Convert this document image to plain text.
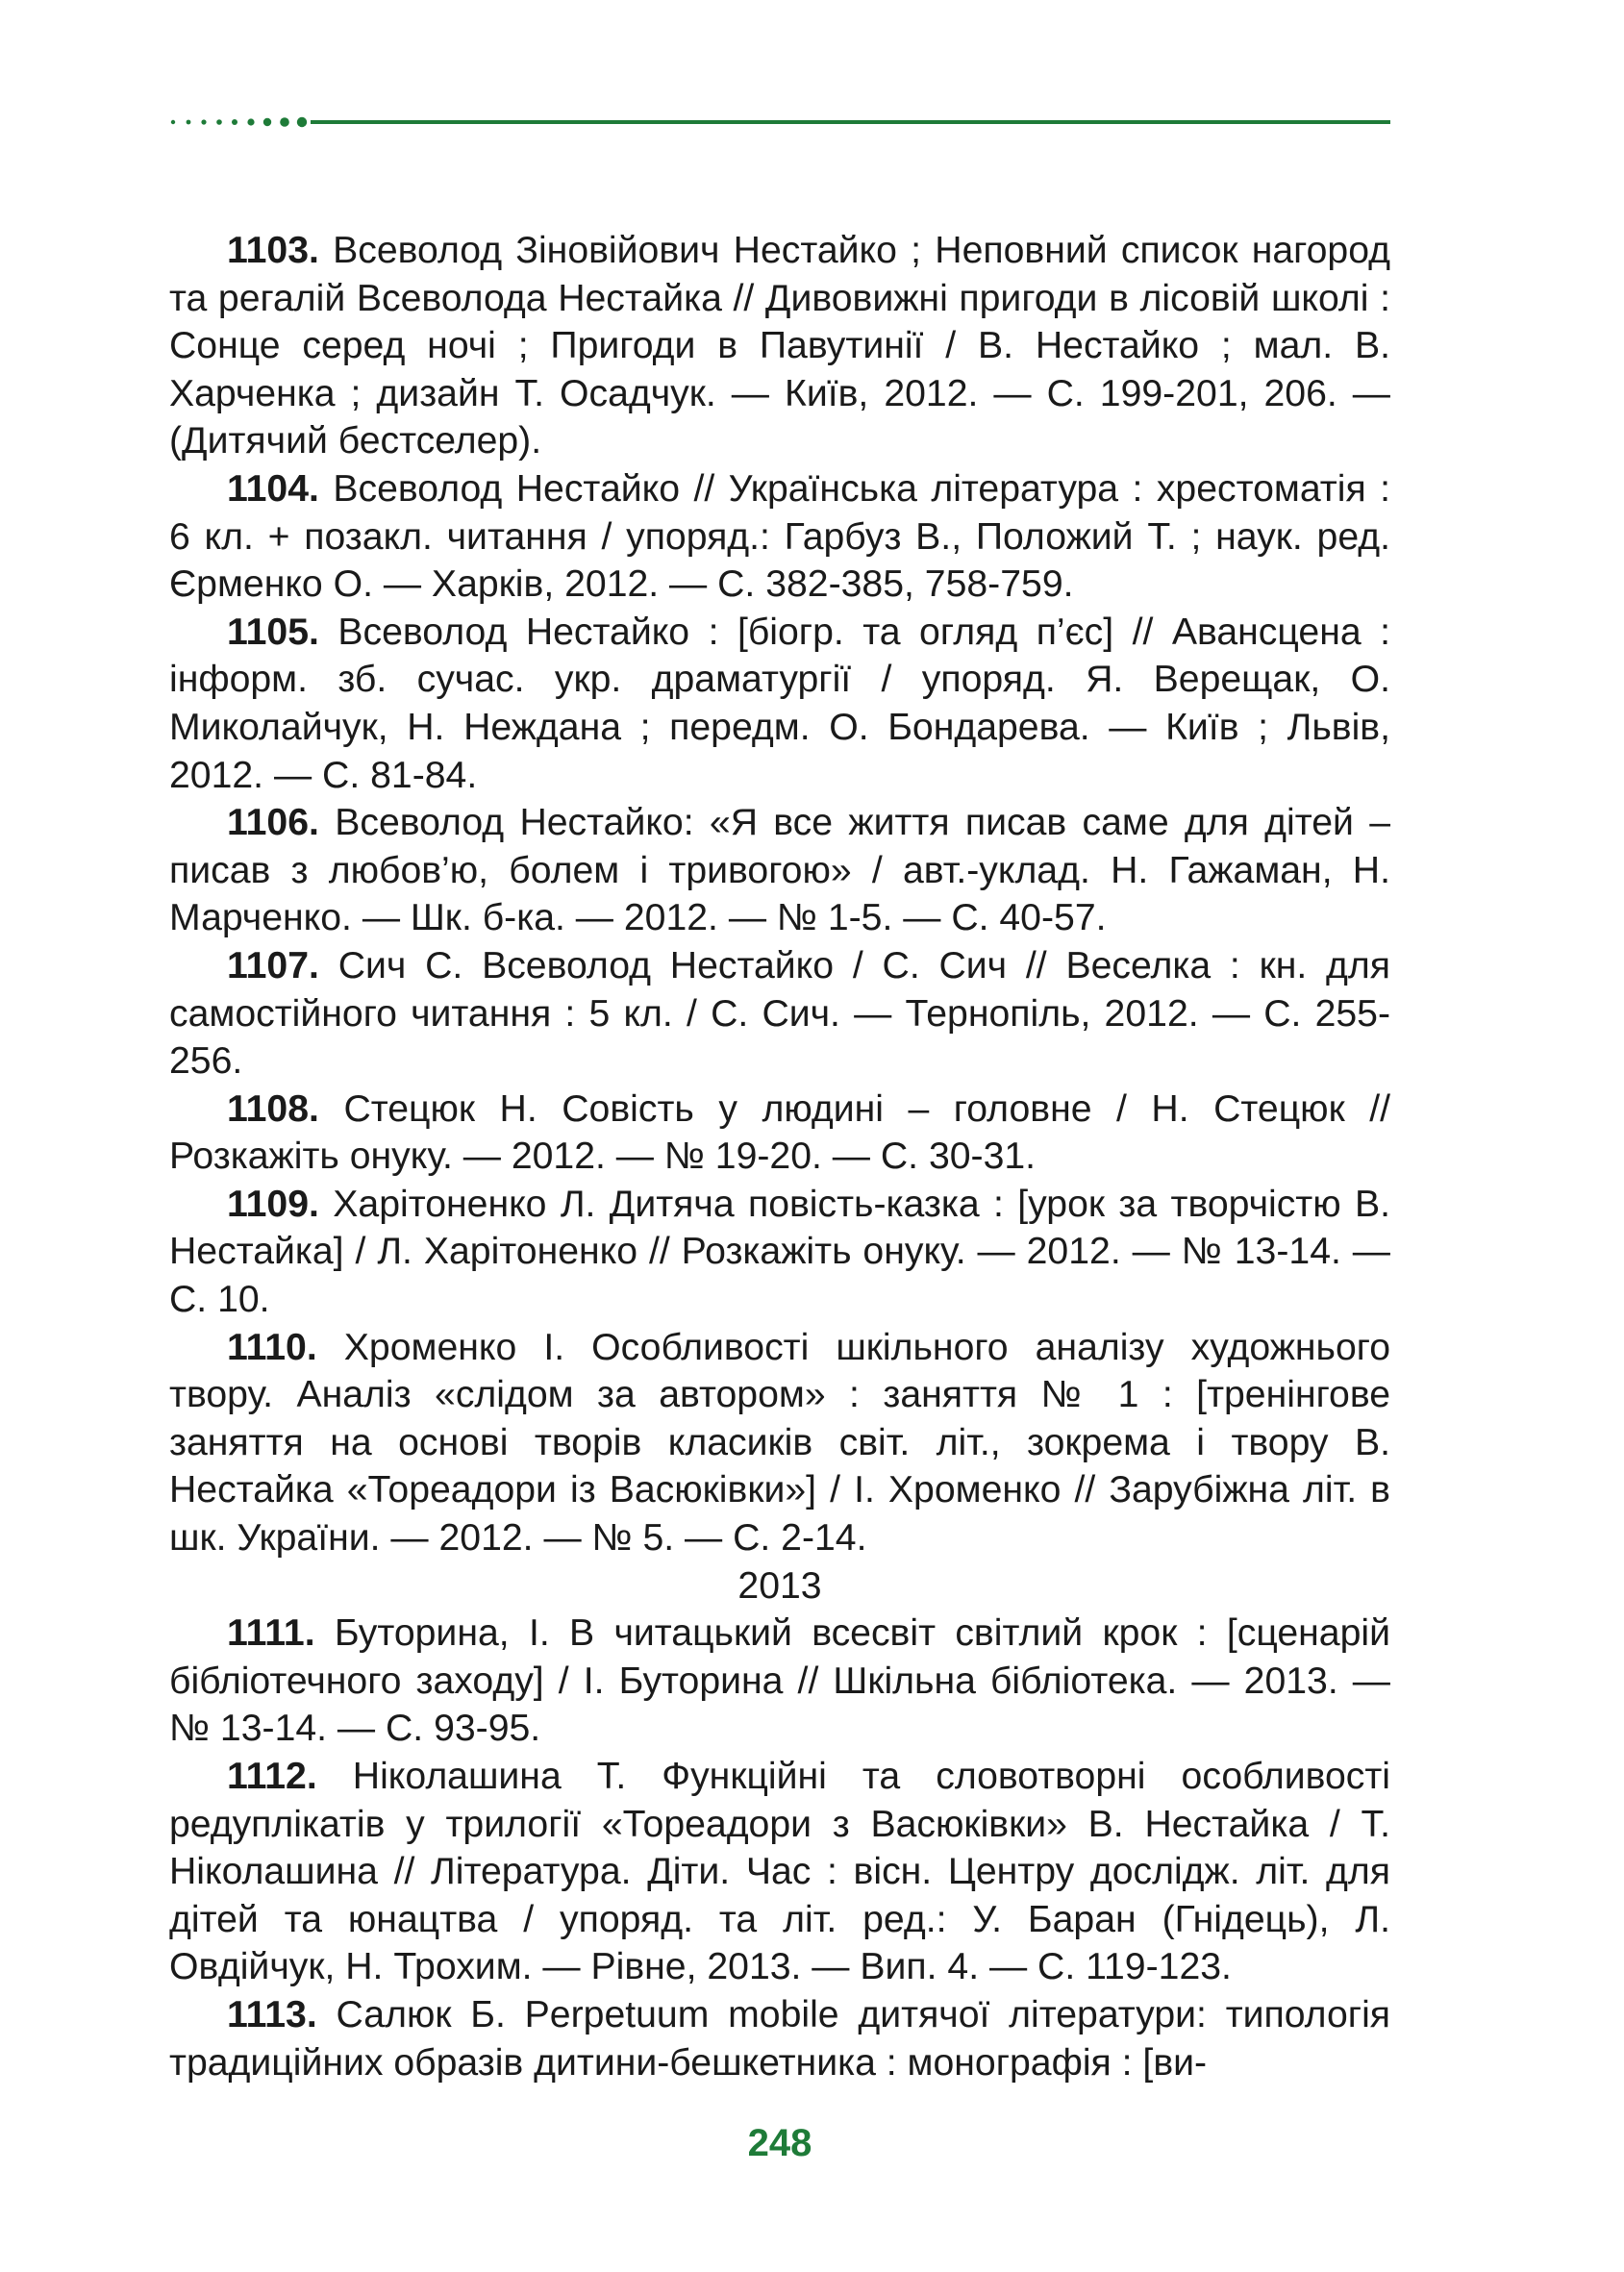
1103. Всеволод Зіновійович Нестайко ; Неповний список нагород та регалій Всеволода Нестайка // Дивовижні пригоди в лісовій школі : Сонце серед ночі ; Пригоди в Павутинії / В. Нестайко ; мал. В. Харченка ; дизайн Т. Осадчук. — Київ, 2012. — С. 199-201, 206. — (Дитячий бестселер).

1104. Всеволод Нестайко // Українська література : хрестоматія : 6 кл. + позакл. читання / упоряд.: Гарбуз В., Положий Т. ; наук. ред. Єрменко О. — Харків, 2012. — С. 382-385, 758-759.

1105. Всеволод Нестайко : [біогр. та огляд п’єс] // Авансцена : інформ. зб. сучас. укр. драматургії / упоряд. Я. Верещак, О. Миколайчук, Н. Неждана ; передм. О. Бондарева. — Київ ; Львів, 2012. — С. 81-84.

1106. Всеволод Нестайко: «Я все життя писав саме для дітей – писав з любов’ю, болем і тривогою» / авт.-уклад. Н. Гажаман, Н. Марченко. — Шк. б-ка. — 2012. — № 1-5. — С. 40-57.

1107. Сич С. Всеволод Нестайко / С. Сич // Веселка : кн. для самостійного читання : 5 кл. / С. Сич. — Тернопіль, 2012. — С. 255-256.

1108. Стецюк Н. Совість у людині – головне / Н. Стецюк // Розкажіть онуку. — 2012. — № 19-20. — С. 30-31.

1109. Харітоненко Л. Дитяча повість-казка : [урок за творчістю В. Нестайка] / Л. Харітоненко // Розкажіть онуку. — 2012. — № 13-14. — С. 10.

1110. Хроменко І. Особливості шкільного аналізу художнього твору. Аналіз «слідом за автором» : заняття № 1 : [тренінгове заняття на основі творів класиків світ. літ., зокрема і твору В. Нестайка «Тореадори із Васюківки»] / І. Хроменко // Зарубіжна літ. в шк. України. — 2012. — № 5. — С. 2-14.

2013

1111. Буторина, І. В читацький всесвіт світлий крок : [сценарій бібліотечного заходу] / І. Буторина // Шкільна бібліотека. — 2013. — № 13-14. — С. 93-95.

1112. Ніколашина Т. Функційні та словотворні особливості редуплікатів у трилогії «Тореадори з Васюківки» В. Нестайка / Т. Ніколашина // Література. Діти. Час : вісн. Центру дослідж. літ. для дітей та юнацтва / упоряд. та літ. ред.: У. Баран (Гнідець), Л. Овдійчук, Н. Трохим. — Рівне, 2013. — Вип. 4. — С. 119-123.

1113. Салюк Б. Perpetuum mobile дитячої літератури: типологія традиційних образів дитини-бешкетника : монографія : [ви-

248
